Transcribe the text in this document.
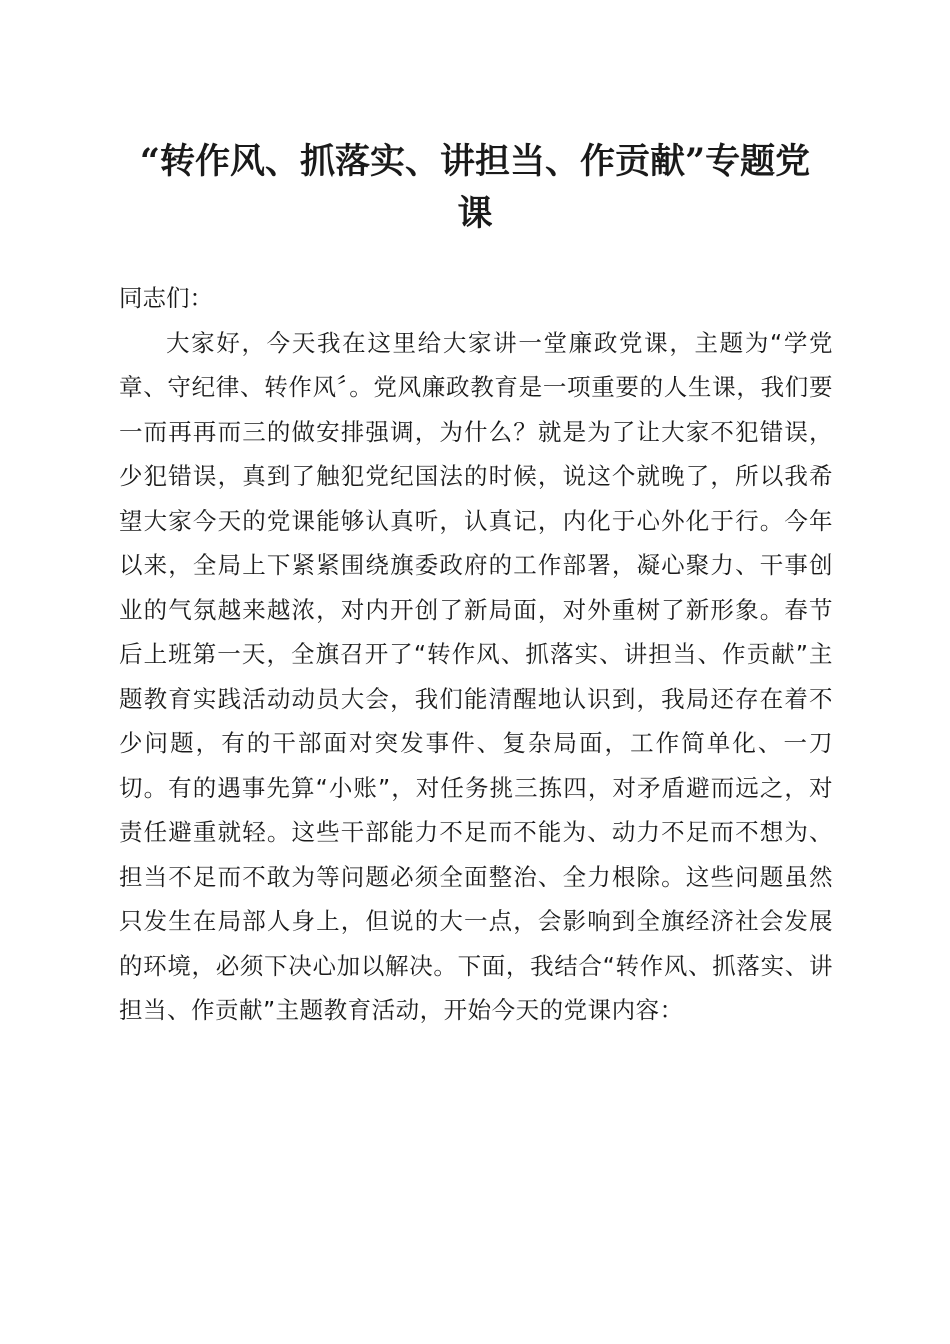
“转作风、抓落实、讲担当、作贡献”专题党
课

同志们：

大家好，今天我在这里给大家讲一堂廉政党课，主题为“学党章、守纪律、转作风〞。党风廉政教育是一项重要的人生课，我们要一而再再而三的做安排强调，为什么？就是为了让大家不犯错误，少犯错误，真到了触犯党纪国法的时候，说这个就晚了，所以我希望大家今天的党课能够认真听，认真记，内化于心外化于行。今年以来，全局上下紧紧围绕旗委政府的工作部署，凝心聚力、干事创业的气氛越来越浓，对内开创了新局面，对外重树了新形象。春节后上班第一天，全旗召开了“转作风、抓落实、讲担当、作贡献”主题教育实践活动动员大会，我们能清醒地认识到，我局还存在着不少问题，有的干部面对突发事件、复杂局面，工作简单化、一刀切。有的遇事先算“小账”，对任务挑三拣四，对矛盾避而远之，对责任避重就轻。这些干部能力不足而不能为、动力不足而不想为、担当不足而不敢为等问题必须全面整治、全力根除。这些问题虽然只发生在局部人身上，但说的大一点，会影响到全旗经济社会发展的环境，必须下决心加以解决。下面，我结合“转作风、抓落实、讲担当、作贡献”主题教育活动，开始今天的党课内容：
